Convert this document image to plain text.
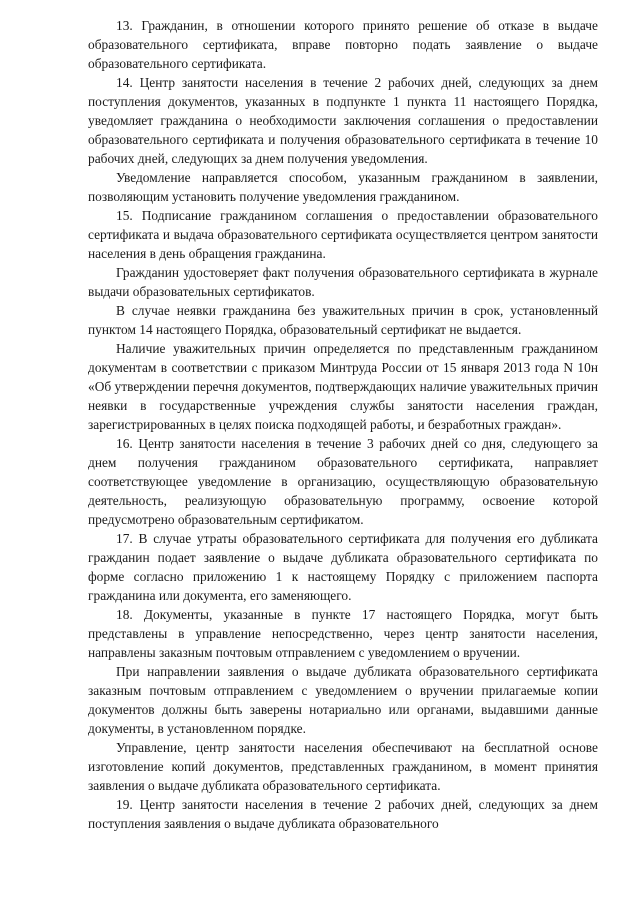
13. Гражданин, в отношении которого принято решение об отказе в выдаче образовательного сертификата, вправе повторно подать заявление о выдаче образовательного сертификата.

14. Центр занятости населения в течение 2 рабочих дней, следующих за днем поступления документов, указанных в подпункте 1 пункта 11 настоящего Порядка, уведомляет гражданина о необходимости заключения соглашения о предоставлении образовательного сертификата и получения образовательного сертификата в течение 10 рабочих дней, следующих за днем получения уведомления.

Уведомление направляется способом, указанным гражданином в заявлении, позволяющим установить получение уведомления гражданином.

15. Подписание гражданином соглашения о предоставлении образовательного сертификата и выдача образовательного сертификата осуществляется центром занятости населения в день обращения гражданина.

Гражданин удостоверяет факт получения образовательного сертификата в журнале выдачи образовательных сертификатов.

В случае неявки гражданина без уважительных причин в срок, установленный пунктом 14 настоящего Порядка, образовательный сертификат не выдается.

Наличие уважительных причин определяется по представленным гражданином документам в соответствии с приказом Минтруда России от 15 января 2013 года N 10н «Об утверждении перечня документов, подтверждающих наличие уважительных причин неявки в государственные учреждения службы занятости населения граждан, зарегистрированных в целях поиска подходящей работы, и безработных граждан».

16. Центр занятости населения в течение 3 рабочих дней со дня, следующего за днем получения гражданином образовательного сертификата, направляет соответствующее уведомление в организацию, осуществляющую образовательную деятельность, реализующую образовательную программу, освоение которой предусмотрено образовательным сертификатом.

17. В случае утраты образовательного сертификата для получения его дубликата гражданин подает заявление о выдаче дубликата образовательного сертификата по форме согласно приложению 1 к настоящему Порядку с приложением паспорта гражданина или документа, его заменяющего.

18. Документы, указанные в пункте 17 настоящего Порядка, могут быть представлены в управление непосредственно, через центр занятости населения, направлены заказным почтовым отправлением с уведомлением о вручении.

При направлении заявления о выдаче дубликата образовательного сертификата заказным почтовым отправлением с уведомлением о вручении прилагаемые копии документов должны быть заверены нотариально или органами, выдавшими данные документы, в установленном порядке.

Управление, центр занятости населения обеспечивают на бесплатной основе изготовление копий документов, представленных гражданином, в момент принятия заявления о выдаче дубликата образовательного сертификата.

19. Центр занятости населения в течение 2 рабочих дней, следующих за днем поступления заявления о выдаче дубликата образовательного
